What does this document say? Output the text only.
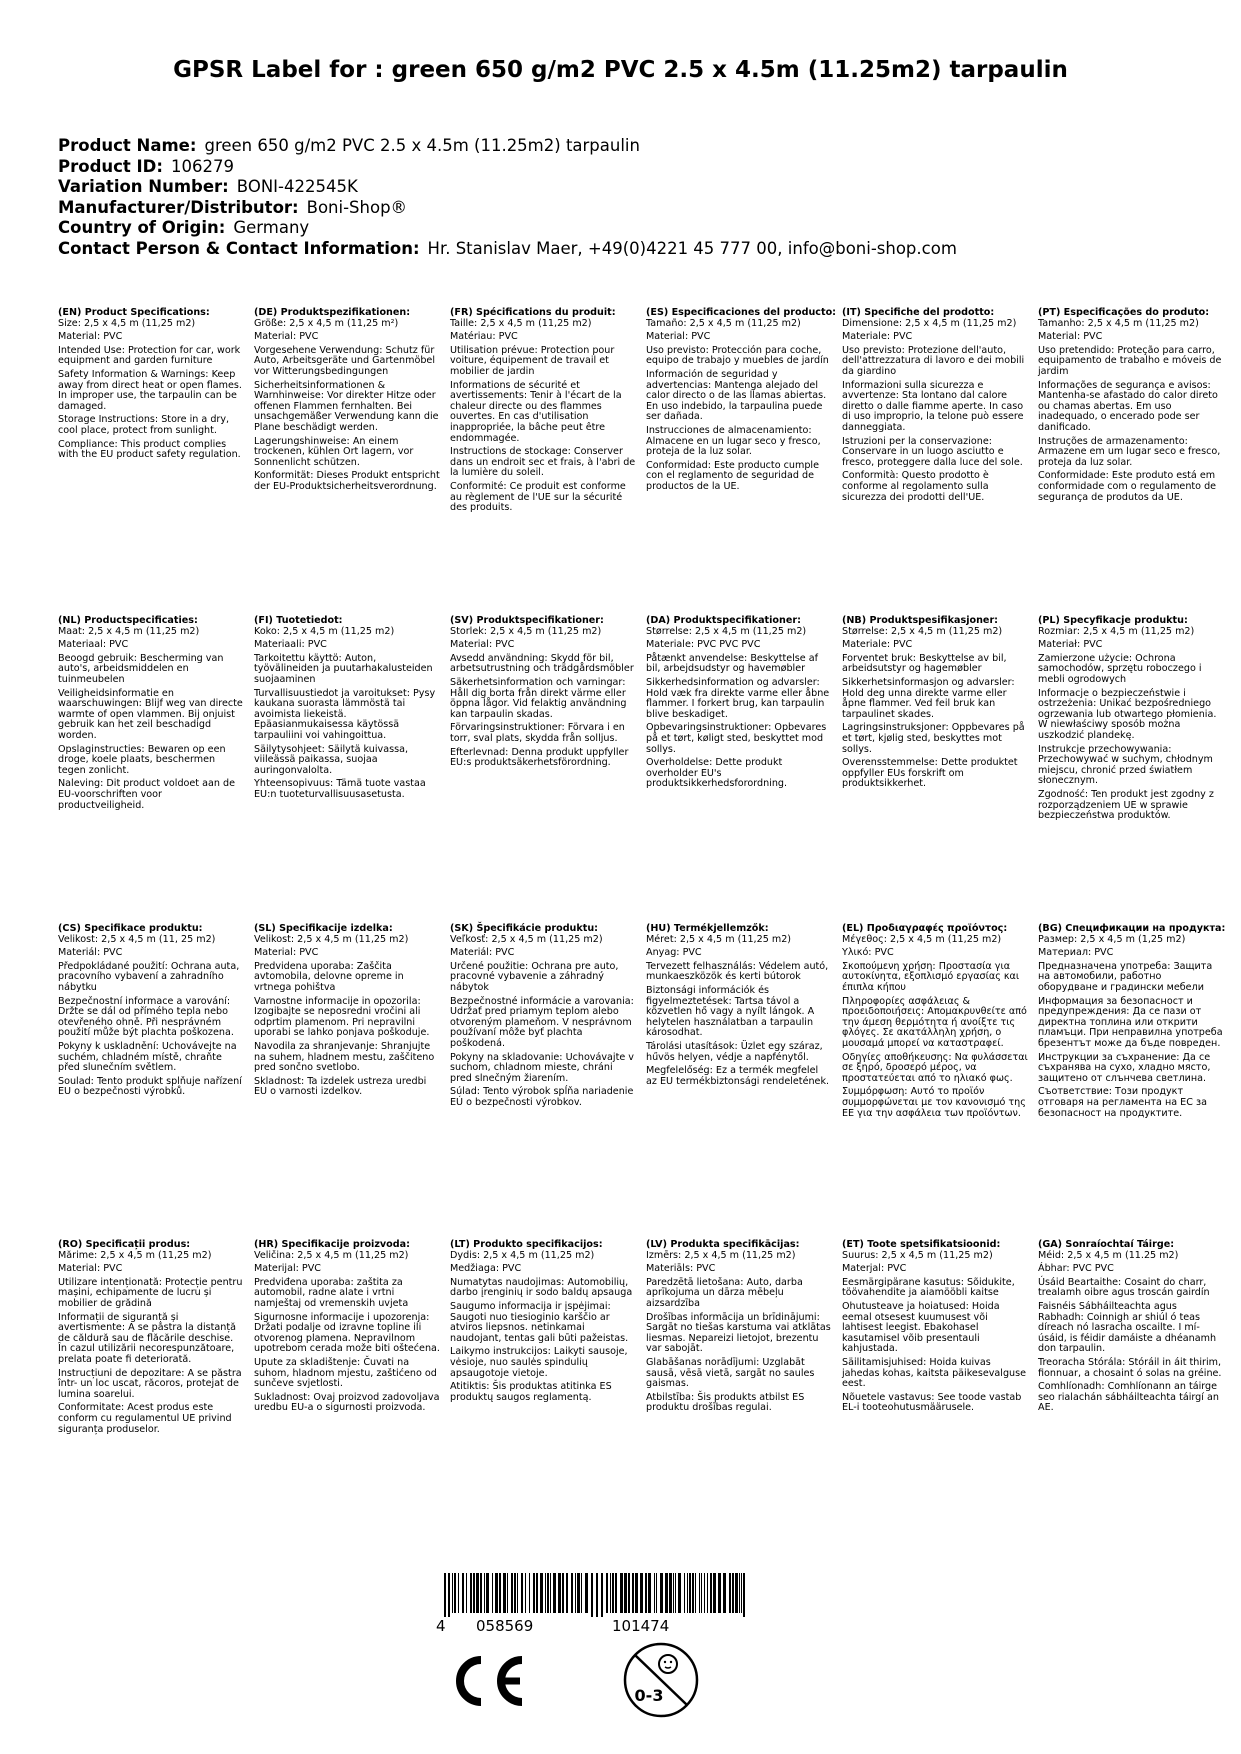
GPSR Label for : green 650 g/m2 PVC 2.5 x 4.5m (11.25m2) tarpaulin
Product Name: green 650 g/m2 PVC 2.5 x 4.5m (11.25m2) tarpaulin
Product ID: 106279
Variation Number: BONI-422545K
Manufacturer/Distributor: Boni-Shop®
Country of Origin: Germany
Contact Person & Contact Information: Hr. Stanislav Maer, +49(0)4221 45 777 00, info@boni-shop.com
(EN) Product Specifications:

Size: 2,5 x 4,5 m (11,25 m2)

Material: PVC

Intended Use: Protection for car, work equipment and garden furniture

Safety Information & Warnings: Keep away from direct heat or open flames. In improper use, the tarpaulin can be damaged.

Storage Instructions: Store in a dry, cool place, protect from sunlight.

Compliance: This product complies with the EU product safety regulation.

(DE) Produktspezifikationen:

Größe: 2,5 x 4,5 m (11,25 m²)

Material: PVC

Vorgesehene Verwendung: Schutz für Auto, Arbeitsgeräte und Gartenmöbel vor Witterungsbedingungen

Sicherheitsinformationen & Warnhinweise: Vor direkter Hitze oder offenen Flammen fernhalten. Bei unsachgemäßer Verwendung kann die Plane beschädigt werden.

Lagerungshinweise: An einem trockenen, kühlen Ort lagern, vor Sonnenlicht schützen.

Konformität: Dieses Produkt entspricht der EU-Produktsicherheitsverordnung.

(FR) Spécifications du produit:

Taille: 2,5 x 4,5 m (11,25 m2)

Matériau: PVC

Utilisation prévue: Protection pour voiture, équipement de travail et mobilier de jardin

Informations de sécurité et avertissements: Tenir à l'écart de la chaleur directe ou des flammes ouvertes. En cas d'utilisation inappropriée, la bâche peut être endommagée.

Instructions de stockage: Conserver dans un endroit sec et frais, à l'abri de la lumière du soleil.

Conformité: Ce produit est conforme au règlement de l'UE sur la sécurité des produits.

(ES) Especificaciones del producto:

Tamaño: 2,5 x 4,5 m (11,25 m2)

Material: PVC

Uso previsto: Protección para coche, equipo de trabajo y muebles de jardín

Información de seguridad y advertencias: Mantenga alejado del calor directo o de las llamas abiertas. En uso indebido, la tarpaulina puede ser dañada.

Instrucciones de almacenamiento: Almacene en un lugar seco y fresco, proteja de la luz solar.

Conformidad: Este producto cumple con el reglamento de seguridad de productos de la UE.

(IT) Specifiche del prodotto:

Dimensione: 2,5 x 4,5 m (11,25 m2)

Materiale: PVC

Uso previsto: Protezione dell'auto, dell'attrezzatura di lavoro e dei mobili da giardino

Informazioni sulla sicurezza e avvertenze: Sta lontano dal calore diretto o dalle fiamme aperte. In caso di uso improprio, la telone può essere danneggiata.

Istruzioni per la conservazione: Conservare in un luogo asciutto e fresco, proteggere dalla luce del sole.

Conformità: Questo prodotto è conforme al regolamento sulla sicurezza dei prodotti dell'UE.

(PT) Especificações do produto:

Tamanho: 2,5 x 4,5 m (11,25 m2)

Material: PVC

Uso pretendido: Proteção para carro, equipamento de trabalho e móveis de jardim

Informações de segurança e avisos: Mantenha-se afastado do calor direto ou chamas abertas. Em uso inadequado, o encerado pode ser danificado.

Instruções de armazenamento: Armazene em um lugar seco e fresco, proteja da luz solar.

Conformidade: Este produto está em conformidade com o regulamento de segurança de produtos da UE.

(NL) Productspecificaties:

Maat: 2,5 x 4,5 m (11,25 m2)

Materiaal: PVC

Beoogd gebruik: Bescherming van auto's, arbeidsmiddelen en tuinmeubelen

Veiligheidsinformatie en waarschuwingen: Blijf weg van directe warmte of open vlammen. Bij onjuist gebruik kan het zeil beschadigd worden.

Opslaginstructies: Bewaren op een droge, koele plaats, beschermen tegen zonlicht.

Naleving: Dit product voldoet aan de EU-voorschriften voor productveiligheid.

(FI) Tuotetiedot:

Koko: 2,5 x 4,5 m (11,25 m2)

Materiaali: PVC

Tarkoitettu käyttö: Auton, työvälineiden ja puutarhakalusteiden suojaaminen

Turvallisuustiedot ja varoitukset: Pysy kaukana suorasta lämmöstä tai avoimista liekeistä. Epäasianmukaisessa käytössä tarpauliini voi vahingoittua.

Säilytysohjeet: Säilytä kuivassa, viileässä paikassa, suojaa auringonvalolta.

Yhteensopivuus: Tämä tuote vastaa EU:n tuoteturvallisuusasetusta.

(SV) Produktspecifikationer:

Storlek: 2,5 x 4,5 m (11,25 m2)

Material: PVC

Avsedd användning: Skydd för bil, arbetsutrustning och trädgårdsmöbler

Säkerhetsinformation och varningar: Håll dig borta från direkt värme eller öppna lågor. Vid felaktig användning kan tarpaulin skadas.

Förvaringsinstruktioner: Förvara i en torr, sval plats, skydda från solljus.

Efterlevnad: Denna produkt uppfyller EU:s produktsäkerhetsförordning.

(DA) Produktspecifikationer:

Størrelse: 2,5 x 4,5 m (11,25 m2)

Materiale: PVC PVC PVC

Påtænkt anvendelse: Beskyttelse af bil, arbejdsudstyr og havemøbler

Sikkerhedsinformation og advarsler: Hold væk fra direkte varme eller åbne flammer. I forkert brug, kan tarpaulin blive beskadiget.

Opbevaringsinstruktioner: Opbevares på et tørt, køligt sted, beskyttet mod sollys.

Overholdelse: Dette produkt overholder EU's produktsikkerhedsforordning.

(NB) Produktspesifikasjoner:

Størrelse: 2,5 x 4,5 m (11,25 m2)

Materiale: PVC

Forventet bruk: Beskyttelse av bil, arbeidsutstyr og hagemøbler

Sikkerhetsinformasjon og advarsler: Hold deg unna direkte varme eller åpne flammer. Ved feil bruk kan tarpaulinet skades.

Lagringsinstruksjoner: Oppbevares på et tørt, kjølig sted, beskyttes mot sollys.

Overensstemmelse: Dette produktet oppfyller EUs forskrift om produktsikkerhet.

(PL) Specyfikacje produktu:

Rozmiar: 2,5 x 4,5 m (11,25 m2)

Materiał: PVC

Zamierzone użycie: Ochrona samochodów, sprzętu roboczego i mebli ogrodowych

Informacje o bezpieczeństwie i ostrzeżenia: Unikać bezpośredniego ogrzewania lub otwartego płomienia. W niewłaściwy sposób można uszkodzić plandekę.

Instrukcje przechowywania: Przechowywać w suchym, chłodnym miejscu, chronić przed światłem słonecznym.

Zgodność: Ten produkt jest zgodny z rozporządzeniem UE w sprawie bezpieczeństwa produktów.

(CS) Specifikace produktu:

Velikost: 2,5 x 4,5 m (11, 25 m2)

Materiál: PVC

Předpokládané použití: Ochrana auta, pracovního vybavení a zahradního nábytku

Bezpečnostní informace a varování: Držte se dál od přímého tepla nebo otevřeného ohně. Při nesprávném použití může být plachta poškozena.

Pokyny k uskladnění: Uchovávejte na suchém, chladném místě, chraňte před slunečním světlem.

Soulad: Tento produkt splňuje nařízení EU o bezpečnosti výrobků.

(SL) Specifikacije izdelka:

Velikost: 2,5 x 4,5 m (11,25 m2)

Material: PVC

Predvidena uporaba: Zaščita avtomobila, delovne opreme in vrtnega pohištva

Varnostne informacije in opozorila: Izogibajte se neposredni vročini ali odprtim plamenom. Pri nepravilni uporabi se lahko ponjava poškoduje.

Navodila za shranjevanje: Shranjujte na suhem, hladnem mestu, zaščiteno pred sončno svetlobo.

Skladnost: Ta izdelek ustreza uredbi EU o varnosti izdelkov.

(SK) Špecifikácie produktu:

Veľkosť: 2,5 x 4,5 m (11,25 m2)

Materiál: PVC

Určené použitie: Ochrana pre auto, pracovné vybavenie a záhradný nábytok

Bezpečnostné informácie a varovania: Udržať pred priamym teplom alebo otvoreným plameňom. V nesprávnom používaní môže byť plachta poškodená.

Pokyny na skladovanie: Uchovávajte v suchom, chladnom mieste, chráni pred slnečným žiarením.

Súlad: Tento výrobok spĺňa nariadenie EÚ o bezpečnosti výrobkov.

(HU) Termékjellemzők:

Méret: 2,5 x 4,5 m (11,25 m2)

Anyag: PVC

Tervezett felhasználás: Védelem autó, munkaeszközök és kerti bútorok

Biztonsági információk és figyelmeztetések: Tartsa távol a közvetlen hő vagy a nyílt lángok. A helytelen használatban a tarpaulin károsodhat.

Tárolási utasítások: Üzlet egy száraz, hűvös helyen, védje a napfénytől.

Megfelelőség: Ez a termék megfelel az EU termékbiztonsági rendeletének.

(EL) Προδιαγραφές προϊόντος:

Μέγεθος: 2,5 x 4,5 m (11,25 m2)

Υλικό: PVC

Σκοπούμενη χρήση: Προστασία για αυτοκίνητα, εξοπλισμό εργασίας και έπιπλα κήπου

Πληροφορίες ασφάλειας & προειδοποιήσεις: Απομακρυνθείτε από την άμεση θερμότητα ή ανοίξτε τις φλόγες. Σε ακατάλληλη χρήση, ο μουσαμά μπορεί να καταστραφεί.

Οδηγίες αποθήκευσης: Να φυλάσσεται σε ξηρό, δροσερό μέρος, να προστατεύεται από το ηλιακό φως.

Συμμόρφωση: Αυτό το προϊόν συμμορφώνεται με τον κανονισμό της ΕΕ για την ασφάλεια των προϊόντων.

(BG) Спецификации на продукта:

Размер: 2,5 x 4,5 m (1,25 m2)

Материал: PVC

Предназначена употреба: Защита на автомобили, работно оборудване и градински мебели

Информация за безопасност и предупреждения: Да се пази от директна топлина или открити пламъци. При неправилна употреба брезентът може да бъде повреден.

Инструкции за съхранение: Да се съхранява на сухо, хладно място, защитено от слънчева светлина.

Съответствие: Този продукт отговаря на регламента на ЕС за безопасност на продуктите.

(RO) Specificații produs:

Mărime: 2,5 x 4,5 m (11,25 m2)

Material: PVC

Utilizare intenționată: Protecție pentru mașini, echipamente de lucru și mobilier de grădină

Informații de siguranță și avertismente: A se păstra la distanță de căldură sau de flăcările deschise. În cazul utilizării necorespunzătoare, prelata poate fi deteriorată.

Instrucțiuni de depozitare: A se păstra într- un loc uscat, răcoros, protejat de lumina soarelui.

Conformitate: Acest produs este conform cu regulamentul UE privind siguranța produselor.

(HR) Specifikacije proizvoda:

Veličina: 2,5 x 4,5 m (11,25 m2)

Materijal: PVC

Predviđena uporaba: zaštita za automobil, radne alate i vrtni namještaj od vremenskih uvjeta

Sigurnosne informacije i upozorenja: Držati podalje od izravne topline ili otvorenog plamena. Nepravilnom upotrebom cerada može biti oštećena.

Upute za skladištenje: Čuvati na suhom, hladnom mjestu, zaštićeno od sunčeve svjetlosti.

Sukladnost: Ovaj proizvod zadovoljava uredbu EU-a o sigurnosti proizvoda.

(LT) Produkto specifikacijos:

Dydis: 2,5 x 4,5 m (11,25 m2)

Medžiaga: PVC

Numatytas naudojimas: Automobilių, darbo įrenginių ir sodo baldų apsauga

Saugumo informacija ir įspėjimai: Saugoti nuo tiesioginio karščio ar atviros liepsnos. netinkamai naudojant, tentas gali būti pažeistas.

Laikymo instrukcijos: Laikyti sausoje, vėsioje, nuo saulės spindulių apsaugotoje vietoje.

Atitiktis: Šis produktas atitinka ES produktų saugos reglamentą.

(LV) Produkta specifikācijas:

Izmērs: 2,5 x 4,5 m (11,25 m2)

Materiāls: PVC

Paredzētā lietošana: Auto, darba aprīkojuma un dārza mēbeļu aizsardzība

Drošības informācija un brīdinājumi: Sargāt no tiešas karstuma vai atklātas liesmas. Nepareizi lietojot, brezentu var sabojāt.

Glabāšanas norādījumi: Uzglabāt sausā, vēsā vietā, sargāt no saules gaismas.

Atbilstība: Šis produkts atbilst ES produktu drošības regulai.

(ET) Toote spetsifikatsioonid:

Suurus: 2,5 x 4,5 m (11,25 m2)

Materjal: PVC

Eesmärgipärane kasutus: Sõidukite, töövahendite ja aiamööbli kaitse

Ohutusteave ja hoiatused: Hoida eemal otsesest kuumusest või lahtisest leegist. Ebakohasel kasutamisel võib presentauli kahjustada.

Säilitamisjuhised: Hoida kuivas jahedas kohas, kaitsta päikesevalguse eest.

Nõuetele vastavus: See toode vastab EL-i tooteohutusmäärusele.

(GA) Sonraíochtaí Táirge:

Méid: 2,5 x 4,5 m (11.25 m2)

Ábhar: PVC PVC

Úsáid Beartaithe: Cosaint do charr, trealamh oibre agus troscán gairdín

Faisnéis Sábháilteachta agus Rabhadh: Coinnigh ar shiúl ó teas díreach nó lasracha oscailte. I mí-úsáid, is féidir damáiste a dhéanamh don tarpaulin.

Treoracha Stórála: Stóráil in áit thirim, fionnuar, a chosaint ó solas na gréine.

Comhlíonadh: Comhlíonann an táirge seo rialachán sábháilteachta táirgí an AE.

4 058569	101474
0-3
